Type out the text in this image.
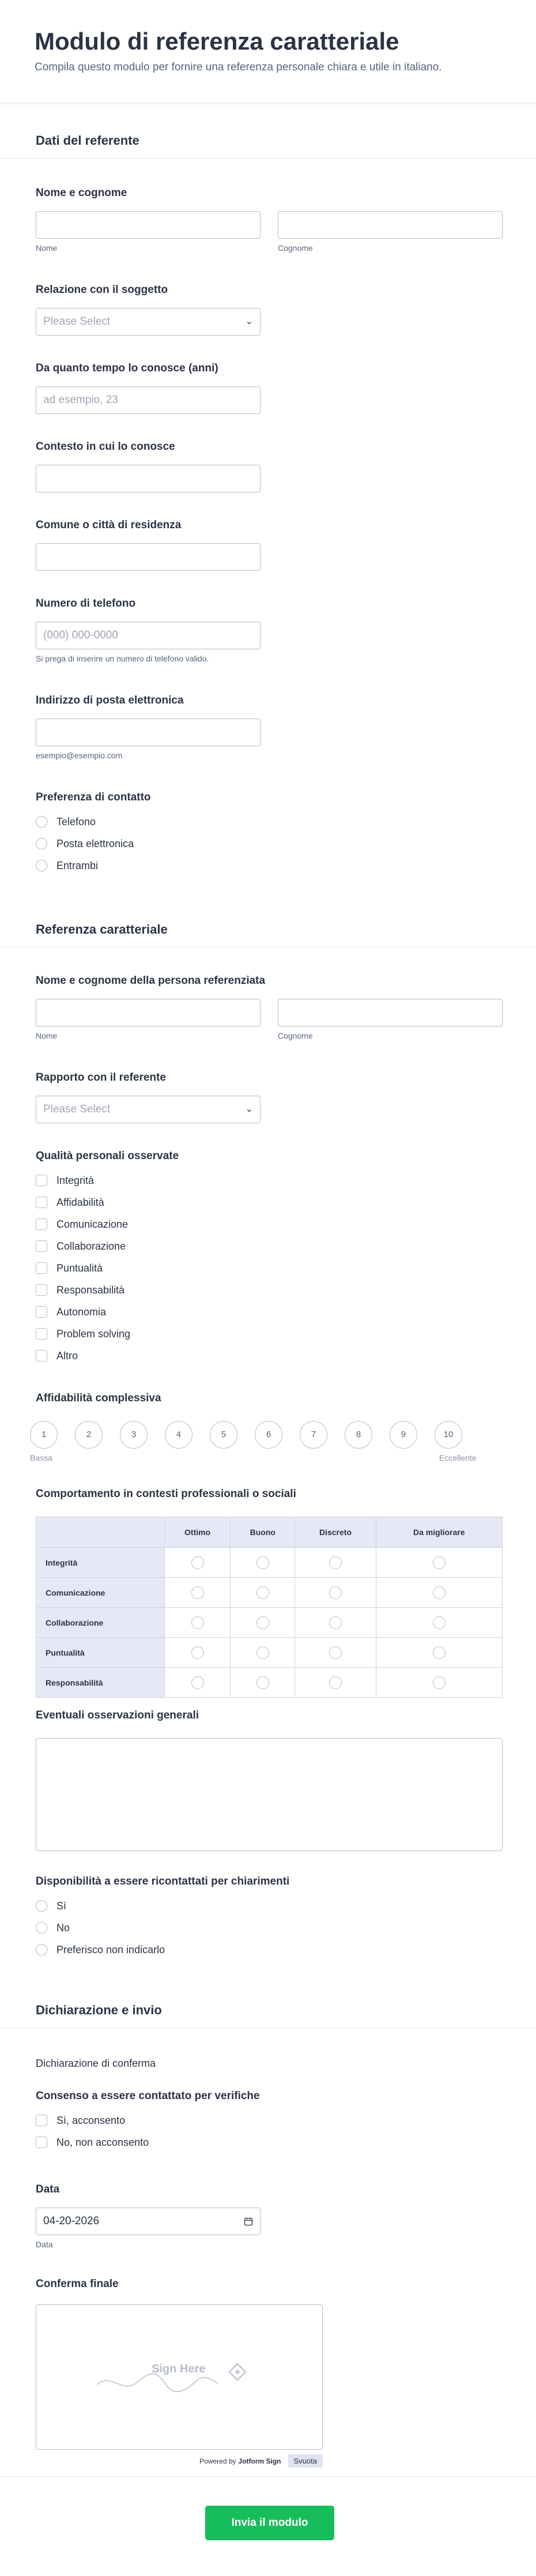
Modulo di referenza caratteriale
Compila questo modulo per fornire una referenza personale chiara e utile in italiano.
Dati del referente
Nome e cognome
Nome	Cognome
Relazione con il soggetto
Please Select	⌄
Da quanto tempo lo conosce (anni)
ad esempio, 23
Contesto in cui lo conosce
Comune o città di residenza
Numero di telefono
(000) 000-0000
Si prega di inserire un numero di telefono valido.
Indirizzo di posta elettronica
esempio@esempio.com
Preferenza di contatto
Telefono
Posta elettronica
Entrambi
Referenza caratteriale
Nome e cognome della persona referenziata
Nome	Cognome
Rapporto con il referente
Please Select	⌄
Qualità personali osservate
Integrità
Affidabilità
Comunicazione
Collaborazione
Puntualità
Responsabilità
Autonomia
Problem solving
Altro
Affidabilità complessiva
1	2	3	4	5	6	7	8	9	10
Bassa	Eccellente
Comportamento in contesti professionali o sociali
	Ottimo	Buono	Discreto	Da migliorare
Integrità				
Comunicazione				
Collaborazione				
Puntualità				
Responsabilità				
Eventuali osservazioni generali
Disponibilità a essere ricontattati per chiarimenti
Sì
No
Preferisco non indicarlo
Dichiarazione e invio
Dichiarazione di conferma
Consenso a essere contattato per verifiche
Sì, acconsento
No, non acconsento
Data
04-20-2026
Data
Conferma finale
Sign Here
Powered by Jotform Sign	Svuota
Invia il modulo
